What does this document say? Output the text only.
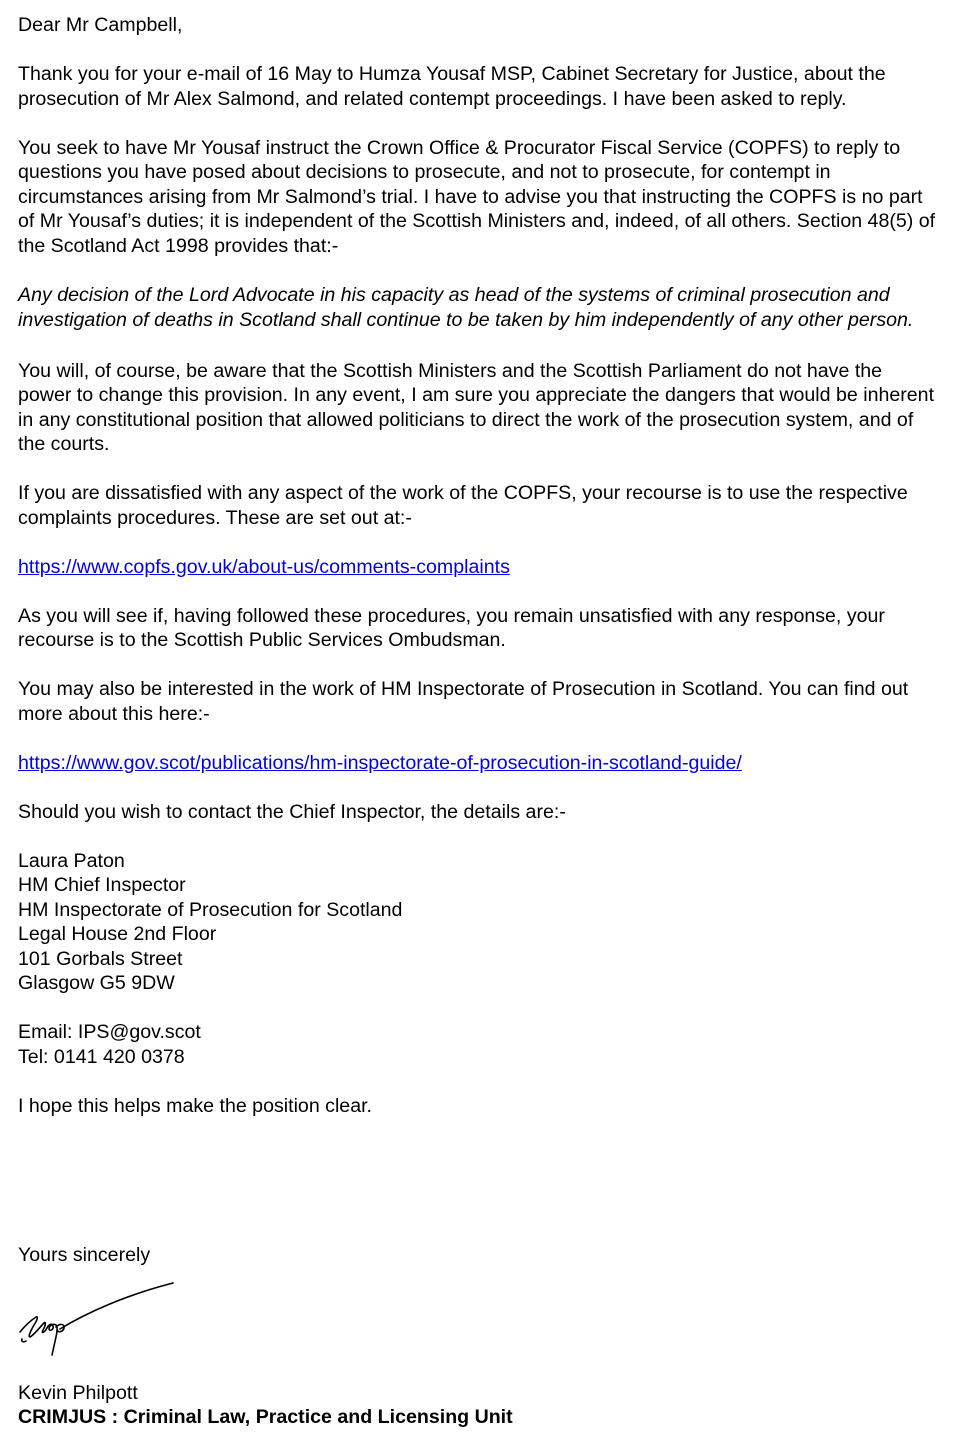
Dear Mr Campbell,

Thank you for your e-mail of 16 May to Humza Yousaf MSP, Cabinet Secretary for Justice, about the prosecution of Mr Alex Salmond, and related contempt proceedings. I have been asked to reply.

You seek to have Mr Yousaf instruct the Crown Office & Procurator Fiscal Service (COPFS) to reply to questions you have posed about decisions to prosecute, and not to prosecute, for contempt in circumstances arising from Mr Salmond’s trial. I have to advise you that instructing the COPFS is no part of Mr Yousaf’s duties; it is independent of the Scottish Ministers and, indeed, of all others. Section 48(5) of the Scotland Act 1998 provides that:-

Any decision of the Lord Advocate in his capacity as head of the systems of criminal prosecution and investigation of deaths in Scotland shall continue to be taken by him independently of any other person.

You will, of course, be aware that the Scottish Ministers and the Scottish Parliament do not have the power to change this provision. In any event, I am sure you appreciate the dangers that would be inherent in any constitutional position that allowed politicians to direct the work of the prosecution system, and of the courts.

If you are dissatisfied with any aspect of the work of the COPFS, your recourse is to use the respective complaints procedures. These are set out at:-

https://www.copfs.gov.uk/about-us/comments-complaints

As you will see if, having followed these procedures, you remain unsatisfied with any response, your recourse is to the Scottish Public Services Ombudsman.

You may also be interested in the work of HM Inspectorate of Prosecution in Scotland. You can find out more about this here:-

https://www.gov.scot/publications/hm-inspectorate-of-prosecution-in-scotland-guide/

Should you wish to contact the Chief Inspector, the details are:-

Laura Paton
HM Chief Inspector
HM Inspectorate of Prosecution for Scotland
Legal House 2nd Floor
101 Gorbals Street
Glasgow G5 9DW

Email: IPS@gov.scot
Tel: 0141 420 0378

I hope this helps make the position clear.

Yours sincerely
Kevin Philpott
CRIMJUS : Criminal Law, Practice and Licensing Unit
